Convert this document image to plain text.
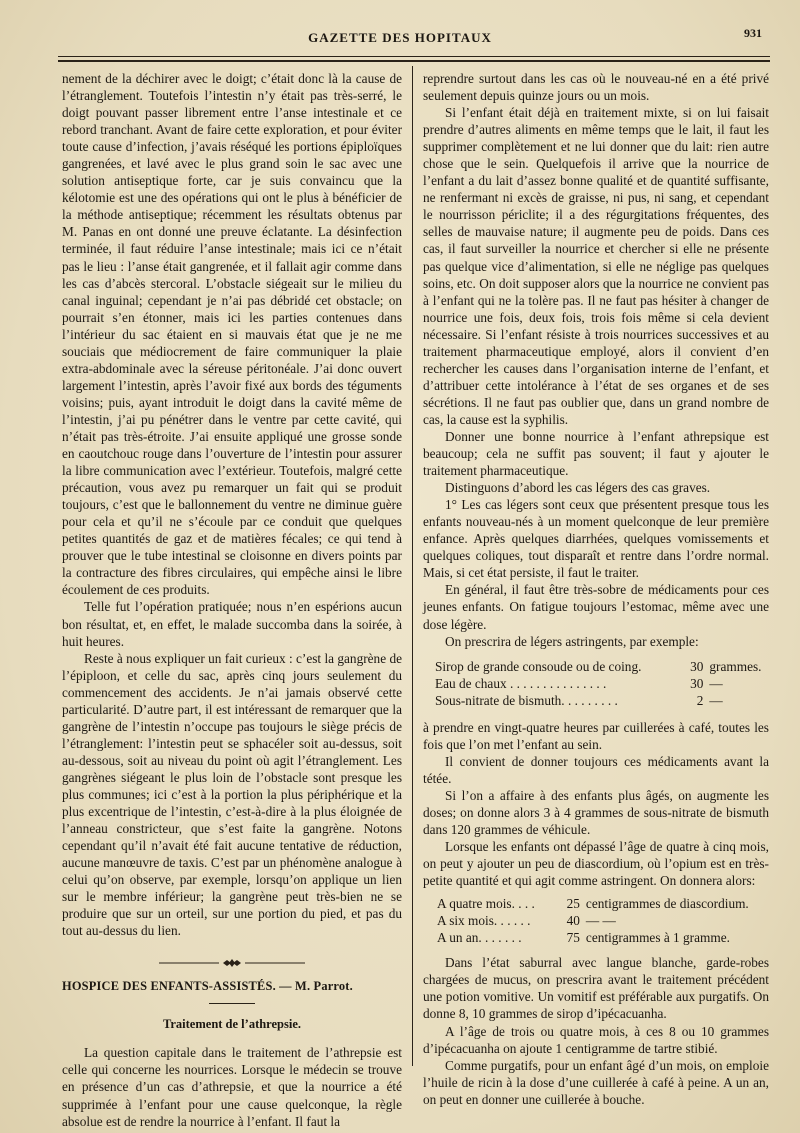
GAZETTE DES HOPITAUX	931

nement de la déchirer avec le doigt; c’était donc là la cause de l’étranglement. Toutefois l’intestin n’y était pas très-serré, le doigt pouvant passer librement entre l’anse intestinale et ce rebord tranchant. Avant de faire cette exploration, et pour éviter toute cause d’infection, j’avais réséqué les portions épiploïques gangrenées, et lavé avec le plus grand soin le sac avec une solution antiseptique forte, car je suis convaincu que la kélotomie est une des opérations qui ont le plus à bénéficier de la méthode antiseptique; récemment les résultats obtenus par M. Panas en ont donné une preuve éclatante. La désinfection terminée, il faut réduire l’anse intestinale; mais ici ce n’était pas le lieu : l’anse était gangrenée, et il fallait agir comme dans les cas d’abcès stercoral. L’obstacle siégeait sur le milieu du canal inguinal; cependant je n’ai pas débridé cet obstacle; on pourrait s’en étonner, mais ici les parties contenues dans l’intérieur du sac étaient en si mauvais état que je ne me souciais que médiocrement de faire communiquer la plaie extra-abdominale avec la séreuse péritonéale. J’ai donc ouvert largement l’intestin, après l’avoir fixé aux bords des téguments voisins; puis, ayant introduit le doigt dans la cavité même de l’intestin, j’ai pu pénétrer dans le ventre par cette cavité, qui n’était pas très-étroite. J’ai ensuite appliqué une grosse sonde en caoutchouc rouge dans l’ouverture de l’intestin pour assurer la libre communication avec l’extérieur. Toutefois, malgré cette précaution, vous avez pu remarquer un fait qui se produit toujours, c’est que le ballonnement du ventre ne diminue guère pour cela et qu’il ne s’écoule par ce conduit que quelques petites quantités de gaz et de matières fécales; ce qui tend à prouver que le tube intestinal se cloisonne en divers points par la contracture des fibres circulaires, qui empêche ainsi le libre écoulement de ces produits.

Telle fut l’opération pratiquée; nous n’en espérions aucun bon résultat, et, en effet, le malade succomba dans la soirée, à huit heures.

Reste à nous expliquer un fait curieux : c’est la gangrène de l’épiploon, et celle du sac, après cinq jours seulement du commencement des accidents. Je n’ai jamais observé cette particularité. D’autre part, il est intéressant de remarquer que la gangrène de l’intestin n’occupe pas toujours le siège précis de l’étranglement: l’intestin peut se sphacéler soit au-dessus, soit au-dessous, soit au niveau du point où agit l’étranglement. Les gangrènes siégeant le plus loin de l’obstacle sont presque les plus communes; ici c’est à la portion la plus périphérique et la plus excentrique de l’intestin, c’est-à-dire à la plus éloignée de l’anneau constricteur, que s’est faite la gangrène. Notons cependant qu’il n’avait été fait aucune tentative de réduction, aucune manœuvre de taxis. C’est par un phénomène analogue à celui qu’on observe, par exemple, lorsqu’on applique un lien sur le membre inférieur; la gangrène peut très-bien ne se produire que sur un orteil, sur une portion du pied, et pas du tout au-dessus du lien.

HOSPICE DES ENFANTS-ASSISTÉS. — M. Parrot.
Traitement de l’athrepsie.

La question capitale dans le traitement de l’athrepsie est celle qui concerne les nourrices. Lorsque le médecin se trouve en présence d’un cas d’athrepsie, et que la nourrice a été supprimée à l’enfant pour une cause quelconque, la règle absolue est de rendre la nourrice à l’enfant. Il faut la

reprendre surtout dans les cas où le nouveau-né en a été privé seulement depuis quinze jours ou un mois.

Si l’enfant était déjà en traitement mixte, si on lui faisait prendre d’autres aliments en même temps que le lait, il faut les supprimer complètement et ne lui donner que du lait: rien autre chose que le sein. Quelquefois il arrive que la nourrice de l’enfant a du lait d’assez bonne qualité et de quantité suffisante, ne renfermant ni excès de graisse, ni pus, ni sang, et cependant le nourrisson périclite; il a des régurgitations fréquentes, des selles de mauvaise nature; il augmente peu de poids. Dans ces cas, il faut surveiller la nourrice et chercher si elle ne présente pas quelque vice d’alimentation, si elle ne néglige pas quelques soins, etc. On doit supposer alors que la nourrice ne convient pas à l’enfant qui ne la tolère pas. Il ne faut pas hésiter à changer de nourrice une fois, deux fois, trois fois même si cela devient nécessaire. Si l’enfant résiste à trois nourrices successives et au traitement pharmaceutique employé, alors il convient d’en rechercher les causes dans l’organisation interne de l’enfant, et d’attribuer cette intolérance à l’état de ses organes et de ses sécrétions. Il ne faut pas oublier que, dans un grand nombre de cas, la cause est la syphilis.

Donner une bonne nourrice à l’enfant athrepsique est beaucoup; cela ne suffit pas souvent; il faut y ajouter le traitement pharmaceutique.

Distinguons d’abord les cas légers des cas graves.

1° Les cas légers sont ceux que présentent presque tous les enfants nouveau-nés à un moment quelconque de leur première enfance. Après quelques diarrhées, quelques vomissements et quelques coliques, tout disparaît et rentre dans l’ordre normal. Mais, si cet état persiste, il faut le traiter.

En général, il faut être très-sobre de médicaments pour ces jeunes enfants. On fatigue toujours l’estomac, même avec une dose légère.

On prescrira de légers astringents, par exemple:

Sirop de grande consoude ou de coing.	30	grammes.
Eau de chaux . . . . . . . . . . . . . . .	30	—
Sous-nitrate de bismuth. . . . . . . . .	2	—

à prendre en vingt-quatre heures par cuillerées à café, toutes les fois que l’on met l’enfant au sein.

Il convient de donner toujours ces médicaments avant la tétée.

Si l’on a affaire à des enfants plus âgés, on augmente les doses; on donne alors 3 à 4 grammes de sous-nitrate de bismuth dans 120 grammes de véhicule.

Lorsque les enfants ont dépassé l’âge de quatre à cinq mois, on peut y ajouter un peu de diascordium, où l’opium est en très-petite quantité et qui agit comme astringent. On donnera alors:

A quatre mois. . . .	25	centigrammes de diascordium.
A six mois. . . . . .	40	— —
A un an. . . . . . .	75	centigrammes à 1 gramme.

Dans l’état saburral avec langue blanche, garde-robes chargées de mucus, on prescrira avant le traitement précédent une potion vomitive. Un vomitif est préférable aux purgatifs. On donne 8, 10 grammes de sirop d’ipécacuanha.

A l’âge de trois ou quatre mois, à ces 8 ou 10 grammes d’ipécacuanha on ajoute 1 centigramme de tartre stibié.

Comme purgatifs, pour un enfant âgé d’un mois, on emploie l’huile de ricin à la dose d’une cuillerée à café à peine. A un an, on peut en donner une cuillerée à bouche.
